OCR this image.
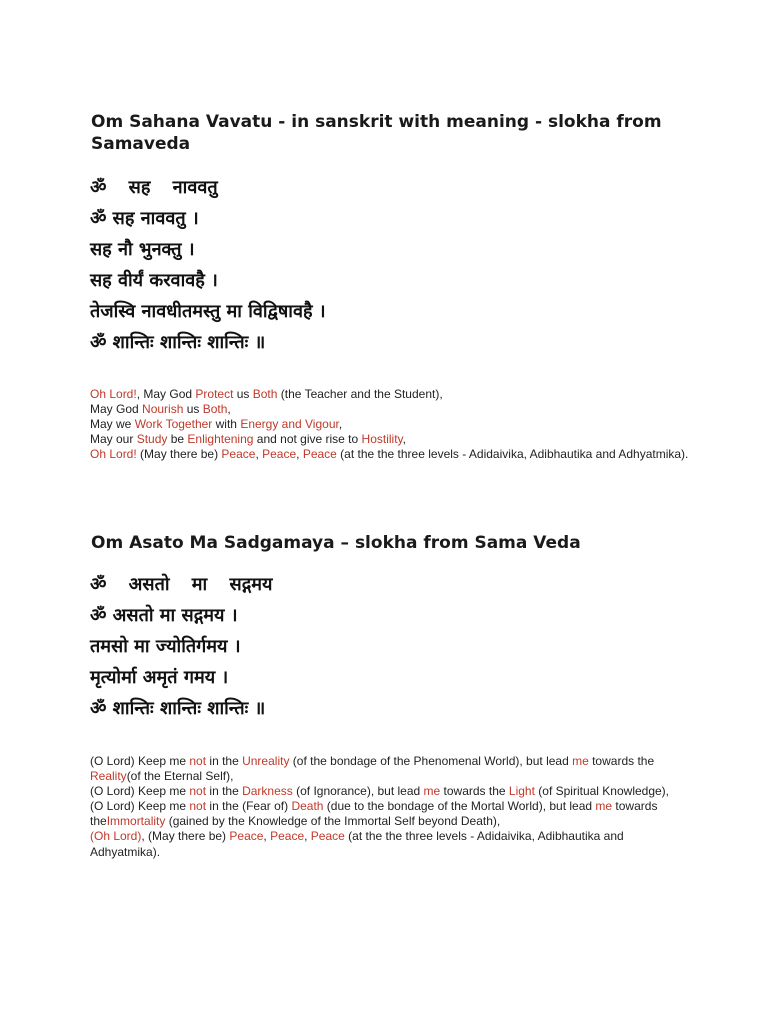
Om Sahana Vavatu - in sanskrit with meaning - slokha from Samaveda
ॐ सह नाववतु
ॐ सह नाववतु ।
सह नौ भुनक्तु ।
सह वीर्यं करवावहै ।
तेजस्वि नावधीतमस्तु मा विद्विषावहै ।
ॐ शान्तिः शान्तिः शान्तिः ॥
Oh Lord!, May God Protect us Both (the Teacher and the Student),
May God Nourish us Both,
May we Work Together with Energy and Vigour,
May our Study be Enlightening and not give rise to Hostility,
Oh Lord! (May there be) Peace, Peace, Peace (at the the three levels - Adidaivika, Adibhautika and Adhyatmika).
Om Asato Ma Sadgamaya – slokha from Sama Veda
ॐ असतो मा सद्गमय
ॐ असतो मा सद्गमय ।
तमसो मा ज्योतिर्गमय ।
मृत्योर्मा अमृतं गमय ।
ॐ शान्तिः शान्तिः शान्तिः ॥
(O Lord) Keep me not in the Unreality (of the bondage of the Phenomenal World), but lead me towards the Reality(of the Eternal Self),
(O Lord) Keep me not in the Darkness (of Ignorance), but lead me towards the Light (of Spiritual Knowledge),
(O Lord) Keep me not in the (Fear of) Death (due to the bondage of the Mortal World), but lead me towards theImmortality (gained by the Knowledge of the Immortal Self beyond Death),
(Oh Lord), (May there be) Peace, Peace, Peace (at the the three levels - Adidaivika, Adibhautika and Adhyatmika).
